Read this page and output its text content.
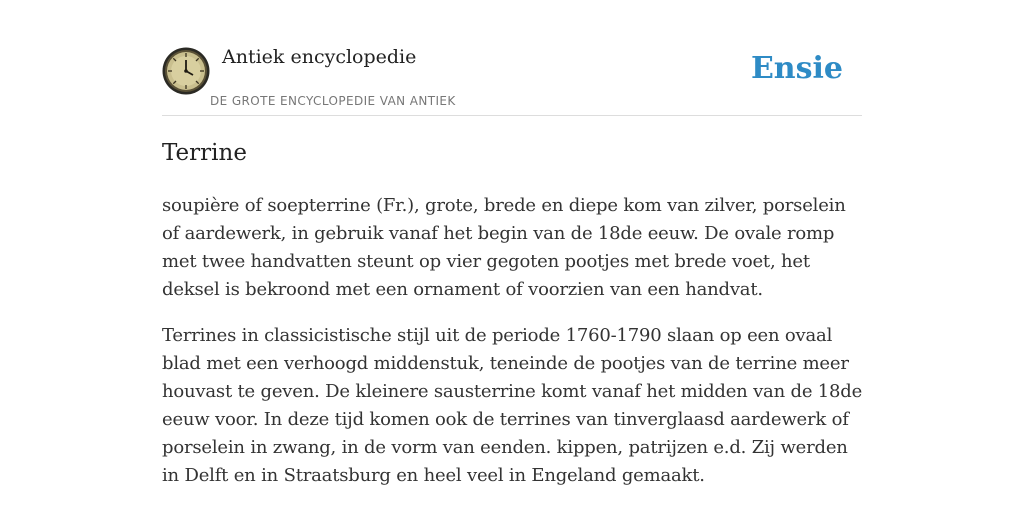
Antiek encyclopedie
DE GROTE ENCYCLOPEDIE VAN ANTIEK
Ensie
Terrine

soupière of soepterrine (Fr.), grote, brede en diepe kom van zilver, porselein of aardewerk, in gebruik vanaf het begin van de 18de eeuw. De ovale romp met twee handvatten steunt op vier gegoten pootjes met brede voet, het deksel is bekroond met een ornament of voorzien van een handvat.

Terrines in classicistische stijl uit de periode 1760-1790 slaan op een ovaal blad met een verhoogd middenstuk, teneinde de pootjes van de terrine meer houvast te geven. De kleinere sausterrine komt vanaf het midden van de 18de eeuw voor. In deze tijd komen ook de terrines van tinverglaasd aardewerk of porselein in zwang, in de vorm van eenden. kippen, patrijzen e.d. Zij werden in Delft en in Straatsburg en heel veel in Engeland gemaakt.
